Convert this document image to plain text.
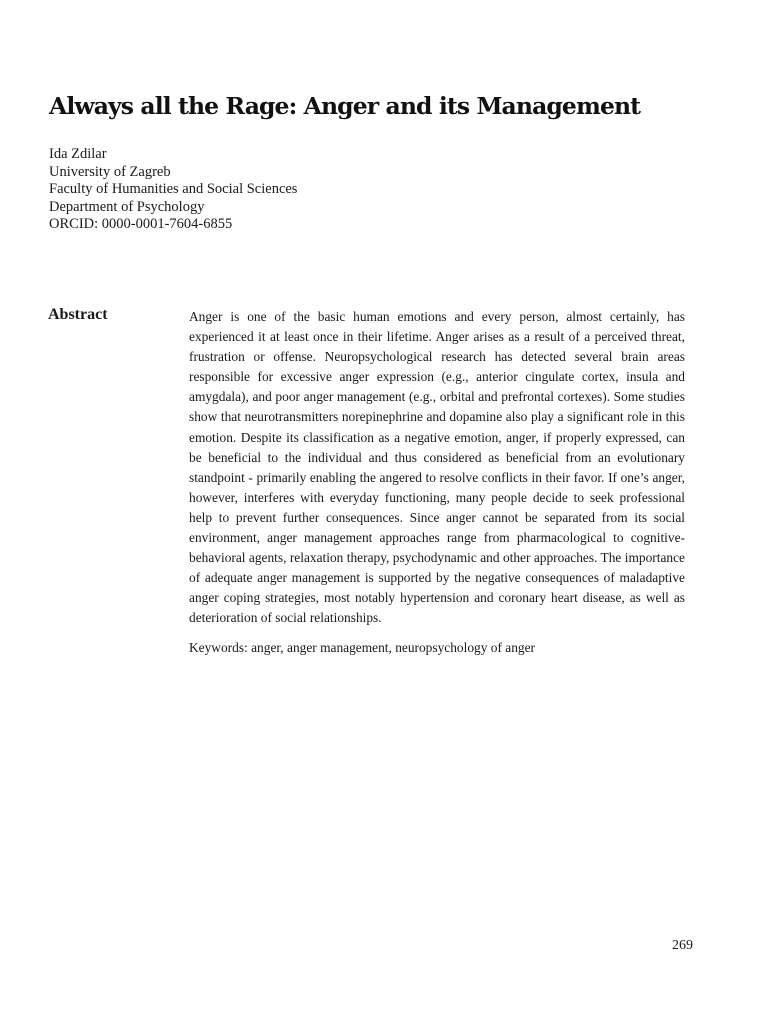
Always all the Rage: Anger and its Management
Ida Zdilar
University of Zagreb
Faculty of Humanities and Social Sciences
Department of Psychology
ORCID: 0000-0001-7604-6855
Abstract	Anger is one of the basic human emotions and every person, almost certainly, has experienced it at least once in their lifetime. Anger arises as a result of a perceived threat, frustration or offense. Neuropsychological research has detected several brain areas responsible for excessive anger expression (e.g., anterior cingulate cortex, insula and amygdala), and poor anger management (e.g., orbital and prefrontal cortexes). Some studies show that neurotransmitters norepinephrine and dopamine also play a significant role in this emotion. Despite its classification as a negative emotion, anger, if properly expressed, can be beneficial to the individual and thus considered as beneficial from an evolutionary standpoint - primarily enabling the angered to resolve conflicts in their favor. If one’s anger, however, interferes with everyday functioning, many people decide to seek professional help to prevent further consequences. Since anger cannot be separated from its social environment, anger management approaches range from pharmacological to cognitive-behavioral agents, relaxation therapy, psychodynamic and other approaches. The importance of adequate anger management is supported by the negative consequences of maladaptive anger coping strategies, most notably hypertension and coronary heart disease, as well as deterioration of social relationships.

Keywords: anger, anger management, neuropsychology of anger
269
